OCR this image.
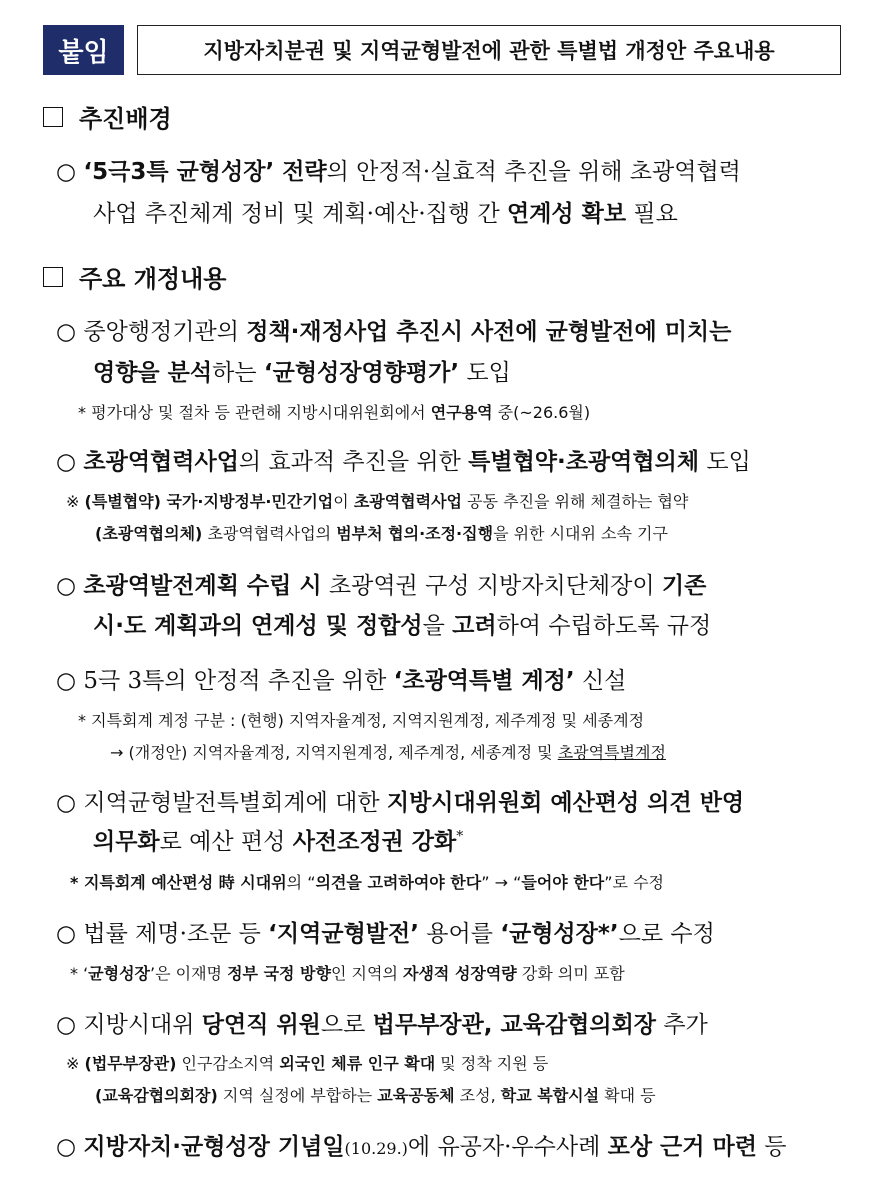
붙임	지방자치분권 및 지역균형발전에 관한 특별법 개정안 주요내용
추진배경
○ ‘5극3특 균형성장’ 전략의 안정적·실효적 추진을 위해 초광역협력
사업 추진체계 정비 및 계획·예산·집행 간 연계성 확보 필요
주요 개정내용
○ 중앙행정기관의 정책·재정사업 추진시 사전에 균형발전에 미치는
영향을 분석하는 ‘균형성장영향평가’ 도입
* 평가대상 및 절차 등 관련해 지방시대위원회에서 연구용역 중(~26.6월)
○ 초광역협력사업의 효과적 추진을 위한 특별협약·초광역협의체 도입
※ (특별협약) 국가·지방정부·민간기업이 초광역협력사업 공동 추진을 위해 체결하는 협약
(초광역협의체) 초광역협력사업의 범부처 협의·조정·집행을 위한 시대위 소속 기구
○ 초광역발전계획 수립 시 초광역권 구성 지방자치단체장이 기존
시·도 계획과의 연계성 및 정합성을 고려하여 수립하도록 규정
○ 5극 3특의 안정적 추진을 위한 ‘초광역특별 계정’ 신설
* 지특회계 계정 구분 : (현행) 지역자율계정, 지역지원계정, 제주계정 및 세종계정
→ (개정안) 지역자율계정, 지역지원계정, 제주계정, 세종계정 및 초광역특별계정
○ 지역균형발전특별회계에 대한 지방시대위원회 예산편성 의견 반영
의무화로 예산 편성 사전조정권 강화*
* 지특회계 예산편성 時 시대위의 “의견을 고려하여야 한다” → “들어야 한다”로 수정
○ 법률 제명·조문 등 ‘지역균형발전’ 용어를 ‘균형성장*’으로 수정
* ‘균형성장’은 이재명 정부 국정 방향인 지역의 자생적 성장역량 강화 의미 포함
○ 지방시대위 당연직 위원으로 법무부장관, 교육감협의회장 추가
※ (법무부장관) 인구감소지역 외국인 체류 인구 확대 및 정착 지원 등
(교육감협의회장) 지역 실정에 부합하는 교육공동체 조성, 학교 복합시설 확대 등
○ 지방자치·균형성장 기념일(10.29.)에 유공자·우수사례 포상 근거 마련 등
